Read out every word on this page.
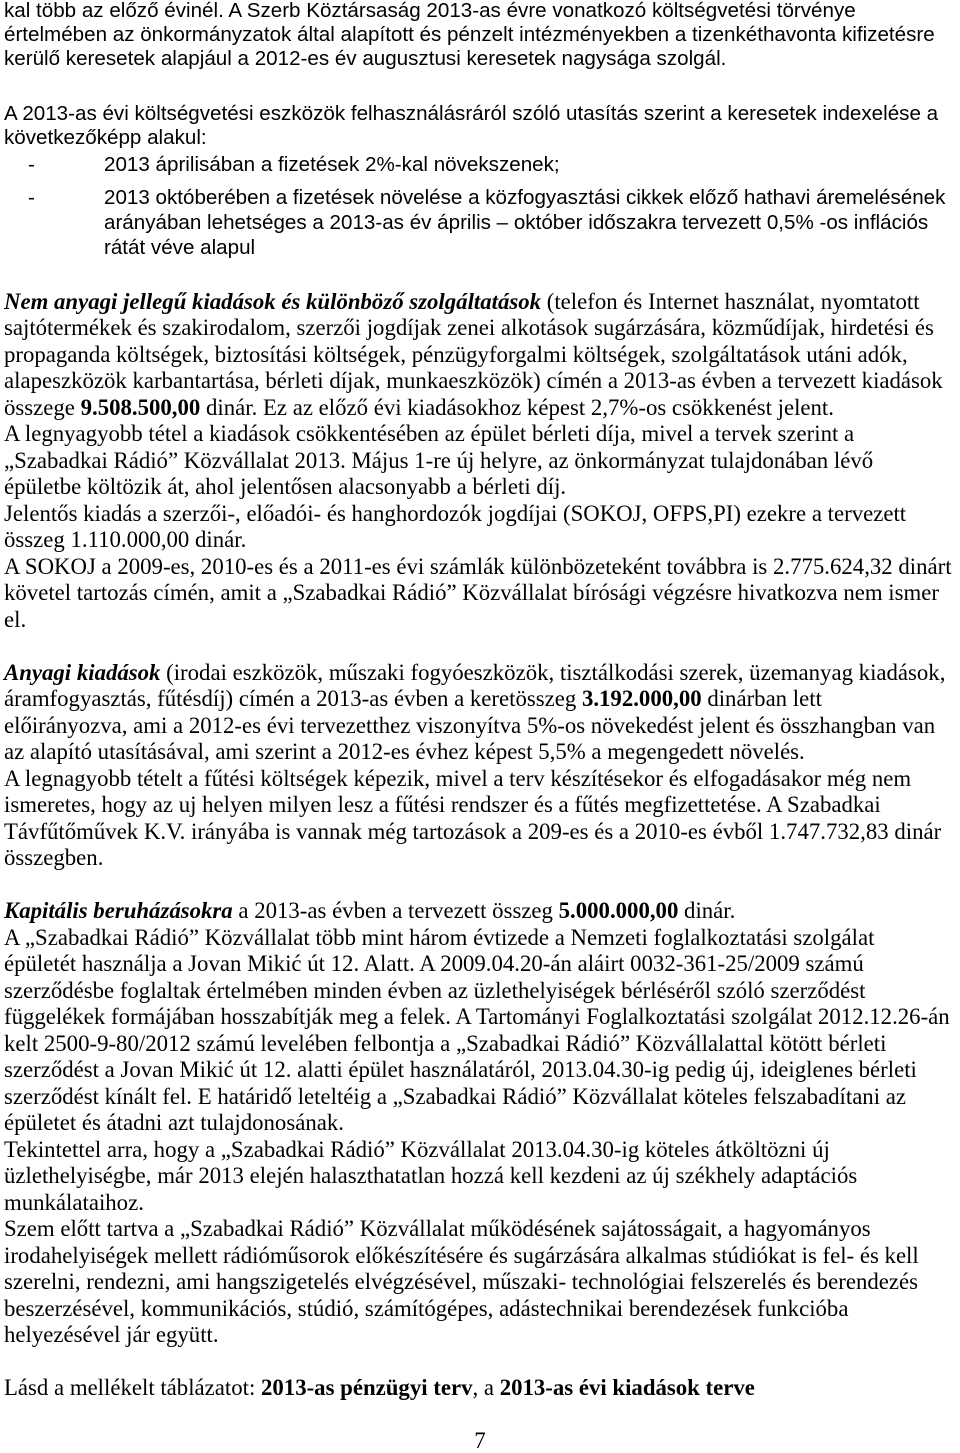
kal több az előző évinél. A Szerb Köztársaság 2013-as évre vonatkozó költségvetési törvénye
értelmében az önkormányzatok által alapított és pénzelt intézményekben a tizenkéthavonta kifizetésre
kerülő keresetek alapjául a 2012-es év augusztusi keresetek nagysága szolgál.
A 2013-as évi költségvetési eszközök felhasználásráról szóló utasítás szerint a keresetek indexelése a
következőképp alakul:
-	2013 áprilisában a fizetések 2%-kal növekszenek;
-	2013 októberében a fizetések növelése a közfogyasztási cikkek előző hathavi áremelésének
arányában lehetséges a 2013-as év április – október időszakra tervezett 0,5% -os inflációs
rátát véve alapul
Nem anyagi jellegű kiadások és különböző szolgáltatások (telefon és Internet használat, nyomtatott
sajtótermékek és szakirodalom, szerzői jogdíjak zenei alkotások sugárzására, közműdíjak, hirdetési és
propaganda költségek, biztosítási költségek, pénzügyforgalmi költségek, szolgáltatások utáni adók,
alapeszközök karbantartása, bérleti díjak, munkaeszközök) címén a 2013-as évben a tervezett kiadások
összege 9.508.500,00 dinár. Ez az előző évi kiadásokhoz képest 2,7%-os csökkenést jelent.
A legnyagyobb tétel a kiadások csökkentésében az épület bérleti díja, mivel a tervek szerint a
„Szabadkai Rádió” Közvállalat 2013. Május 1-re új helyre, az önkormányzat tulajdonában lévő
épületbe költözik át, ahol jelentősen alacsonyabb a bérleti díj.
Jelentős kiadás a szerzői-, előadói- és hanghordozók jogdíjai (SOKOJ, OFPS,PI) ezekre a tervezett
összeg 1.110.000,00 dinár.
A SOKOJ a 2009-es, 2010-es és a 2011-es évi számlák különbözeteként továbbra is 2.775.624,32 dinárt
követel tartozás címén, amit a „Szabadkai Rádió” Közvállalat bírósági végzésre hivatkozva nem ismer
el.
Anyagi kiadások (irodai eszközök, műszaki fogyóeszközök, tisztálkodási szerek, üzemanyag kiadások,
áramfogyasztás, fűtésdíj) címén a 2013-as évben a keretösszeg 3.192.000,00 dinárban lett
előirányozva, ami a 2012-es évi tervezetthez viszonyítva 5%-os növekedést jelent és összhangban van
az alapító utasításával, ami szerint a 2012-es évhez képest 5,5% a megengedett növelés.
A legnagyobb tételt a fűtési költségek képezik, mivel a terv készítésekor és elfogadásakor még nem
ismeretes, hogy az uj helyen milyen lesz a fűtési rendszer és a fűtés megfizettetése. A Szabadkai
Távfűtőművek K.V. irányába is vannak még tartozások a 209-es és a 2010-es évből 1.747.732,83 dinár
összegben.
Kapitális beruházásokra a 2013-as évben a tervezett összeg 5.000.000,00 dinár.
A „Szabadkai Rádió” Közvállalat több mint három évtizede a Nemzeti foglalkoztatási szolgálat
épületét használja a Jovan Mikić út 12. Alatt. A 2009.04.20-án aláirt 0032-361-25/2009 számú
szerződésbe foglaltak értelmében minden évben az üzlethelyiségek bérléséről szóló szerződést
függelékek formájában hosszabítják meg a felek. A Tartományi Foglalkoztatási szolgálat 2012.12.26-án
kelt 2500-9-80/2012 számú levelében felbontja a „Szabadkai Rádió” Közvállalattal kötött bérleti
szerződést a Jovan Mikić út 12. alatti épület használatáról, 2013.04.30-ig pedig új, ideiglenes bérleti
szerződést kínált fel. E határidő leteltéig a „Szabadkai Rádió” Közvállalat köteles felszabadítani az
épületet és átadni azt tulajdonosának.
Tekintettel arra, hogy a „Szabadkai Rádió” Közvállalat 2013.04.30-ig köteles átköltözni új
üzlethelyiségbe, már 2013 elején halaszthatatlan hozzá kell kezdeni az új székhely adaptációs
munkálataihoz.
Szem előtt tartva a „Szabadkai Rádió” Közvállalat működésének sajátosságait, a hagyományos
irodahelyiségek mellett rádióműsorok előkészítésére és sugárzására alkalmas stúdiókat is fel- és kell
szerelni, rendezni, ami hangszigetelés elvégzésével, műszaki- technológiai felszerelés és berendezés
beszerzésével, kommunikációs, stúdió, számítógépes, adástechnikai berendezések funkcióba
helyezésével jár együtt.
Lásd a mellékelt táblázatot: 2013-as pénzügyi terv, a 2013-as évi kiadások terve
7
